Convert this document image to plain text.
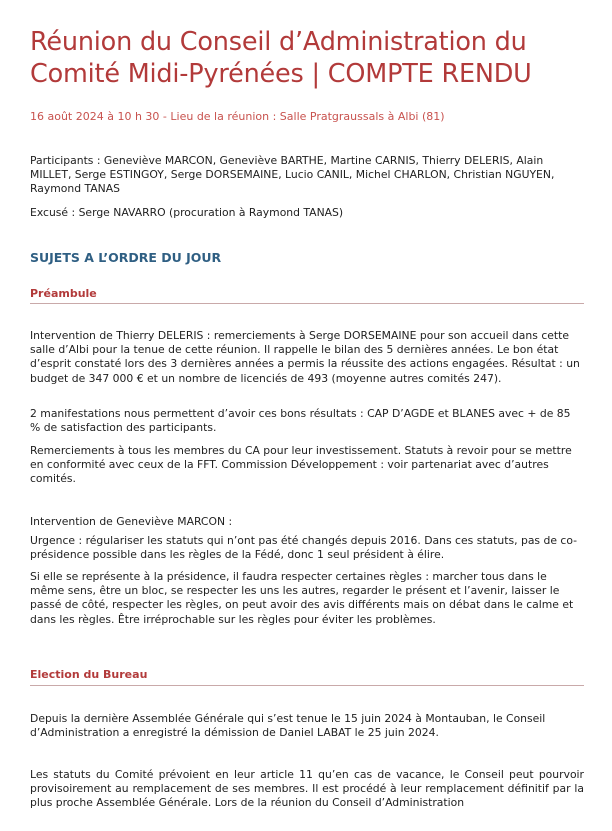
Réunion du Conseil d’Administration du Comité Midi-Pyrénées | COMPTE RENDU
16 août 2024 à 10 h 30 - Lieu de la réunion : Salle Pratgraussals à Albi (81)
Participants : Geneviève MARCON, Geneviève BARTHE, Martine CARNIS, Thierry DELERIS, Alain MILLET, Serge ESTINGOY, Serge DORSEMAINE, Lucio CANIL, Michel CHARLON, Christian NGUYEN, Raymond TANAS
Excusé : Serge NAVARRO (procuration à Raymond TANAS)
SUJETS A L’ORDRE DU JOUR
Préambule
Intervention de Thierry DELERIS : remerciements à Serge DORSEMAINE pour son accueil dans cette salle d’Albi pour la tenue de cette réunion. Il rappelle le bilan des 5 dernières années. Le bon état d’esprit constaté lors des 3 dernières années a permis la réussite des actions engagées. Résultat : un budget de 347 000 € et un nombre de licenciés de 493 (moyenne autres comités 247).
2 manifestations nous permettent d’avoir ces bons résultats : CAP D’AGDE et BLANES avec + de 85 % de satisfaction des participants.
Remerciements à tous les membres du CA pour leur investissement. Statuts à revoir pour se mettre en conformité avec ceux de la FFT. Commission Développement : voir partenariat avec d’autres comités.
Intervention de Geneviève MARCON :
Urgence : régulariser les statuts qui n’ont pas été changés depuis 2016. Dans ces statuts, pas de co-présidence possible dans les règles de la Fédé, donc 1 seul président à élire.
Si elle se représente à la présidence, il faudra respecter certaines règles : marcher tous dans le même sens, être un bloc, se respecter les uns les autres, regarder le présent et l’avenir, laisser le passé de côté, respecter les règles, on peut avoir des avis différents mais on débat dans le calme et dans les règles. Être irréprochable sur les règles pour éviter les problèmes.
Election du Bureau
Depuis la dernière Assemblée Générale qui s’est tenue le 15 juin 2024 à Montauban, le Conseil d’Administration a enregistré la démission de Daniel LABAT le 25 juin 2024.
Les statuts du Comité prévoient en leur article 11 qu’en cas de vacance, le Conseil peut pourvoir provisoirement au remplacement de ses membres. Il est procédé à leur remplacement définitif par la plus proche Assemblée Générale. Lors de la réunion du Conseil d’Administration
